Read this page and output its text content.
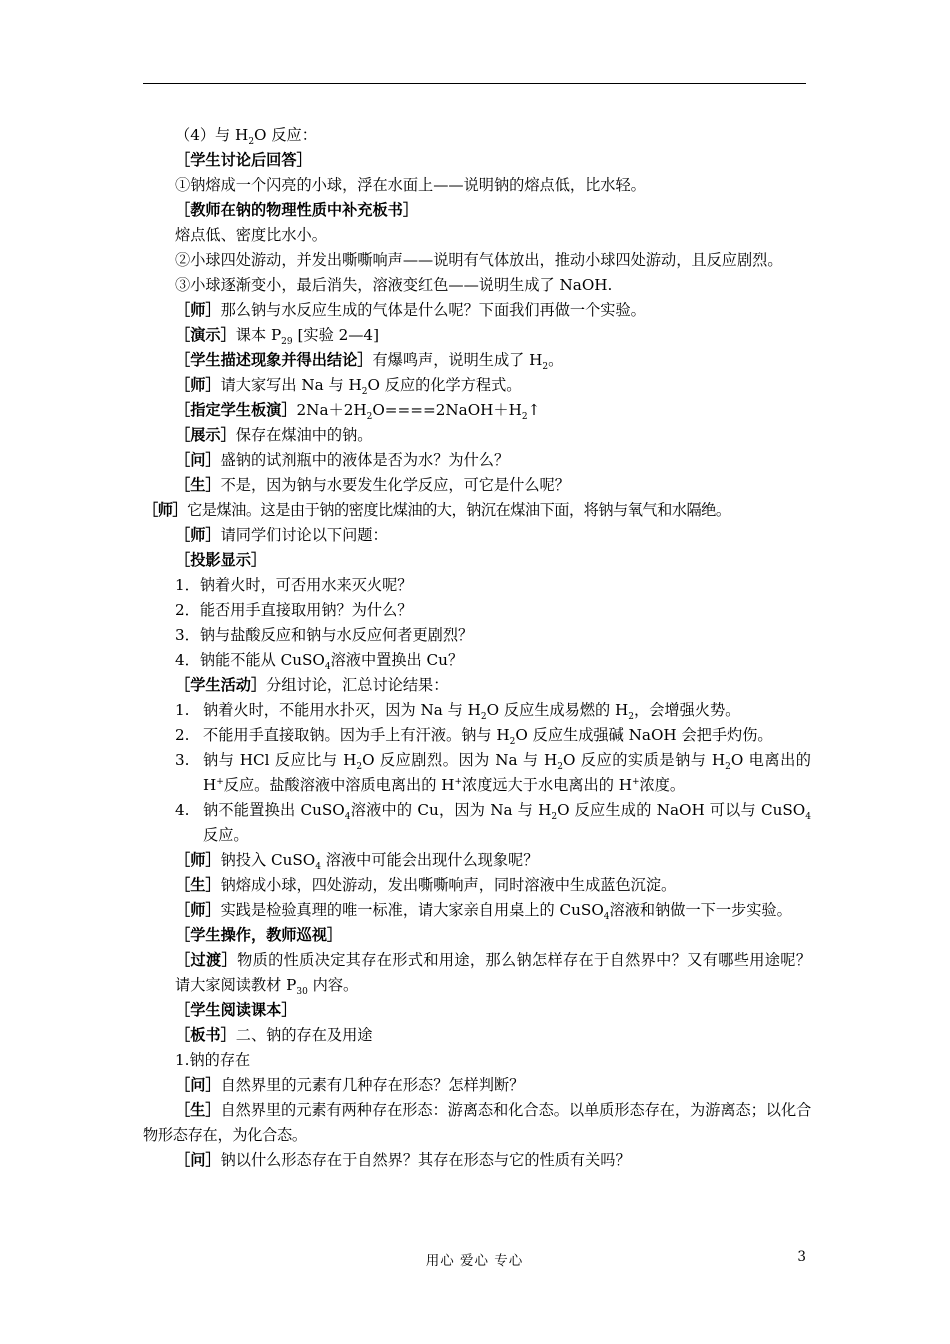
（4）与 $H_2O$ 反应：

［学生讨论后回答］

①钠熔成一个闪亮的小球，浮在水面上——说明钠的熔点低，比水轻。

［教师在钠的物理性质中补充板书］

熔点低、密度比水小。

②小球四处游动，并发出嘶嘶响声——说明有气体放出，推动小球四处游动，且反应剧烈。

③小球逐渐变小，最后消失，溶液变红色——说明生成了 NaOH.

［师］那么钠与水反应生成的气体是什么呢？下面我们再做一个实验。

［演示］课本 $P_{29}$ [实验 2—4]

［学生描述现象并得出结论］有爆鸣声，说明生成了 $H_2$。

［师］请大家写出 Na 与 $H_2O$ 反应的化学方程式。

［指定学生板演$]2Na+2H_2O====2NaOH+H_2↑$

［展示］保存在煤油中的钠。

［问］盛钠的试剂瓶中的液体是否为水？为什么？

［生］不是，因为钠与水要发生化学反应，可它是什么呢？

［师］它是煤油。这是由于钠的密度比煤油的大，钠沉在煤油下面，将钠与氧气和水隔绝。

［师］请同学们讨论以下问题：

［投影显示］

1．钠着火时，可否用水来灭火呢？

2．能否用手直接取用钠？为什么？

3．钠与盐酸反应和钠与水反应何者更剧烈？

4．钠能不能从 CuSO$_4$溶液中置换出 Cu？

［学生活动］分组讨论，汇总讨论结果：

1. 钠着火时，不能用水扑灭，因为 Na 与 $H_2O$ 反应生成易燃的 $H_2$，会增强火势。
2. 不能用手直接取钠。因为手上有汗液。钠与 $H_2O$ 反应生成强碱 NaOH 会把手灼伤。
3. 钠与 HCl 反应比与 $H_2O$ 反应剧烈。因为 Na 与 $H_2O$ 反应的实质是钠与 $H_2O$ 电离出的 H+反应。盐酸溶液中溶质电离出的 H+浓度远大于水电离出的 H+浓度。
4. 钠不能置换出 CuSO$_4$溶液中的 Cu，因为 Na 与 $H_2O$ 反应生成的 NaOH 可以与 CuSO$_4$ 反应。

［师］钠投入 CuSO$_4$ 溶液中可能会出现什么现象呢？

［生］钠熔成小球，四处游动，发出嘶嘶响声，同时溶液中生成蓝色沉淀。

［师］实践是检验真理的唯一标准，请大家亲自用桌上的 CuSO$_4$溶液和钠做一下一步实验。

［学生操作，教师巡视］

［过渡］物质的性质决定其存在形式和用途，那么钠怎样存在于自然界中？又有哪些用途呢？请大家阅读教材 $P_{30}$ 内容。

［学生阅读课本］

［板书］二、钠的存在及用途

1.钠的存在

［问］自然界里的元素有几种存在形态？怎样判断？

［生］自然界里的元素有两种存在形态：游离态和化合态。以单质形态存在，为游离态；以化合物形态存在，为化合态。

［问］钠以什么形态存在于自然界？其存在形态与它的性质有关吗？

用心 爱心 专心	3
